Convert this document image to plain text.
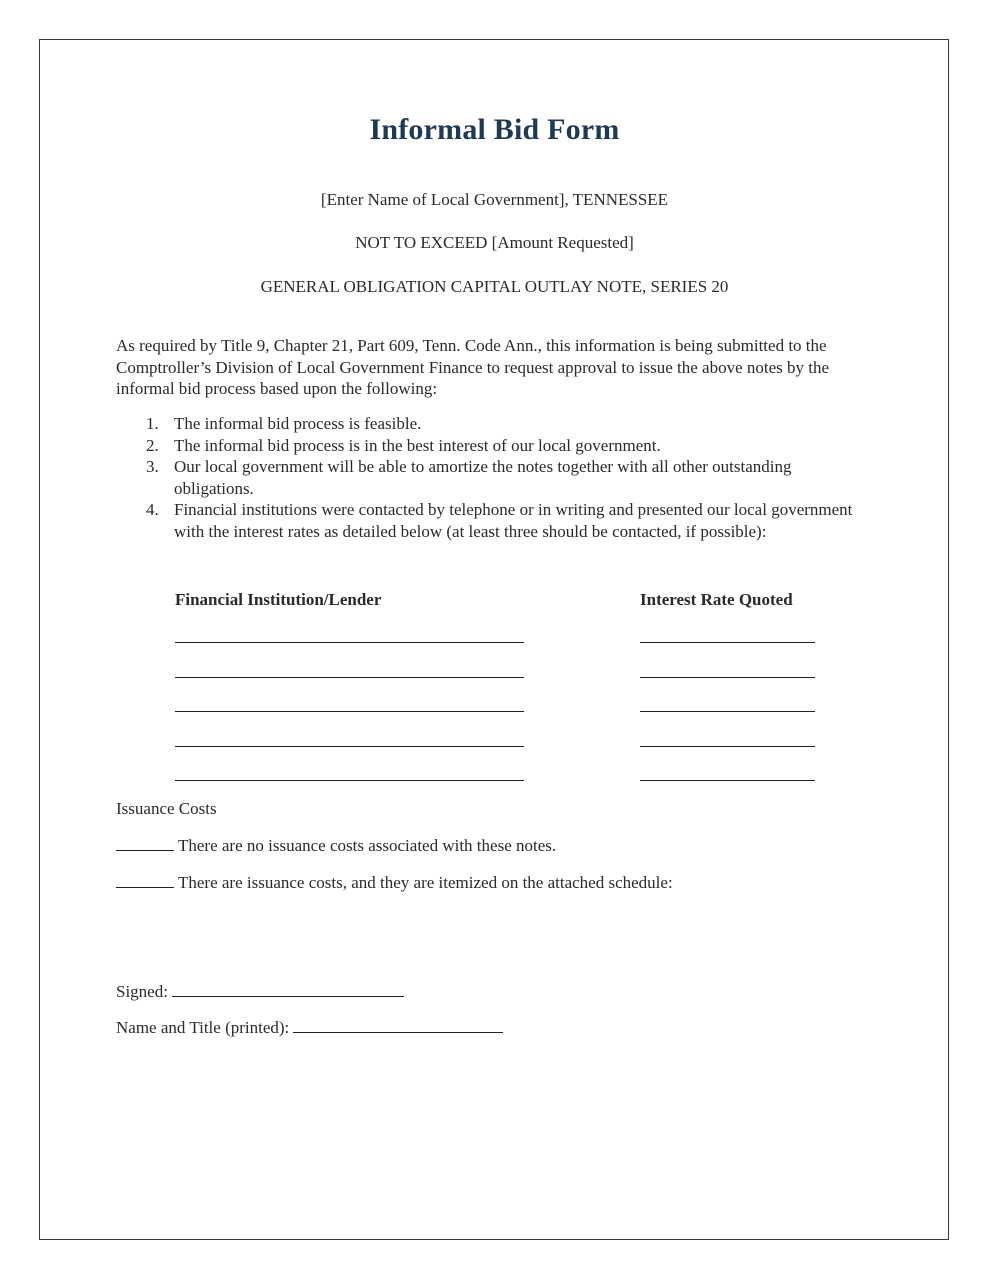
Informal Bid Form
[Enter Name of Local Government], TENNESSEE
NOT TO EXCEED [Amount Requested]
GENERAL OBLIGATION CAPITAL OUTLAY NOTE, SERIES 20
As required by Title 9, Chapter 21, Part 609, Tenn. Code Ann., this information is being submitted to the Comptroller’s Division of Local Government Finance to request approval to issue the above notes by the informal bid process based upon the following:
1. The informal bid process is feasible.
2. The informal bid process is in the best interest of our local government.
3. Our local government will be able to amortize the notes together with all other outstanding obligations.
4. Financial institutions were contacted by telephone or in writing and presented our local government with the interest rates as detailed below (at least three should be contacted, if possible):
Financial Institution/Lender	Interest Rate Quoted
Issuance Costs
There are no issuance costs associated with these notes.
There are issuance costs, and they are itemized on the attached schedule:
Signed:
Name and Title (printed):
